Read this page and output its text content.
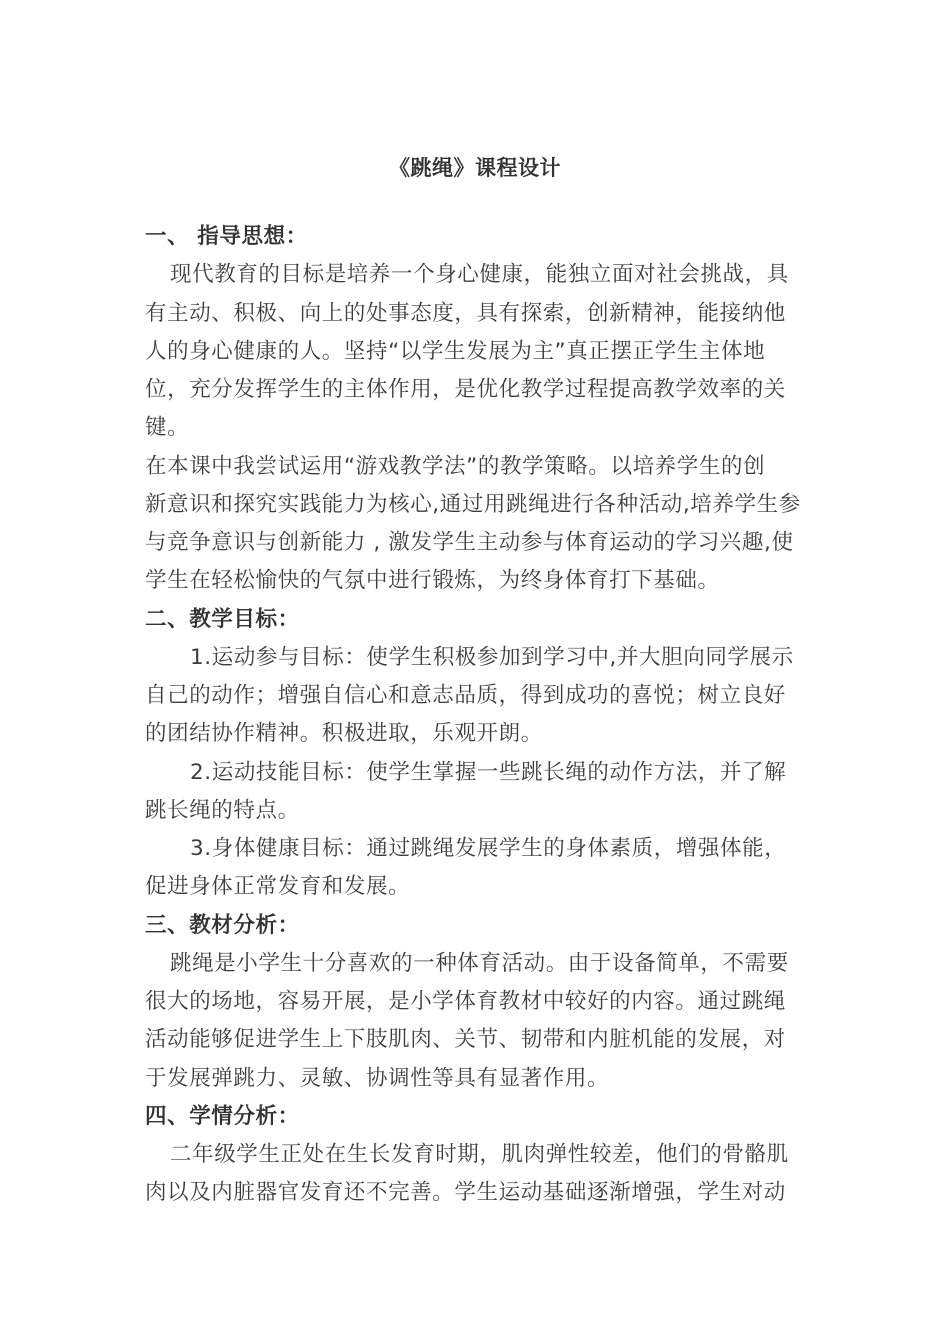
《跳绳》课程设计
一、 指导思想：
现代教育的目标是培养一个身心健康，能独立面对社会挑战，具
有主动、积极、向上的处事态度，具有探索，创新精神，能接纳他
人的身心健康的人。坚持“以学生发展为主”真正摆正学生主体地
位，充分发挥学生的主体作用，是优化教学过程提高教学效率的关
键。
在本课中我尝试运用“游戏教学法”的教学策略。以培养学生的创
新意识和探究实践能力为核心,通过用跳绳进行各种活动,培养学生参
与竞争意识与创新能力 , 激发学生主动参与体育运动的学习兴趣,使
学生在轻松愉快的气氛中进行锻炼，为终身体育打下基础。
二、教学目标：
1.运动参与目标：使学生积极参加到学习中,并大胆向同学展示
自己的动作；增强自信心和意志品质，得到成功的喜悦；树立良好
的团结协作精神。积极进取，乐观开朗。
2.运动技能目标：使学生掌握一些跳长绳的动作方法，并了解
跳长绳的特点。
3.身体健康目标：通过跳绳发展学生的身体素质，增强体能，
促进身体正常发育和发展。
三、教材分析：
跳绳是小学生十分喜欢的一种体育活动。由于设备简单，不需要
很大的场地，容易开展，是小学体育教材中较好的内容。通过跳绳
活动能够促进学生上下肢肌肉、关节、韧带和内脏机能的发展，对
于发展弹跳力、灵敏、协调性等具有显著作用。
四、学情分析：
二年级学生正处在生长发育时期，肌肉弹性较差，他们的骨骼肌
肉以及内脏器官发育还不完善。学生运动基础逐渐增强，学生对动
